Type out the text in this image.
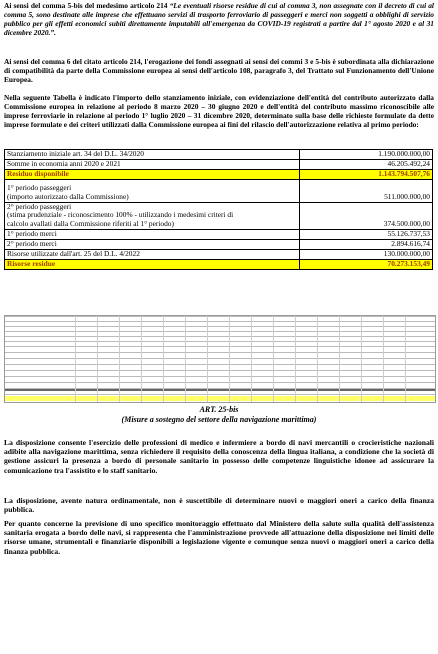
Ai sensi del comma 5-bis del medesimo articolo 214 “Le eventuali risorse residue di cui al comma 3, non assegnate con il decreto di cui al comma 5, sono destinate alle imprese che effettuano servizi di trasporto ferroviario di passeggeri e merci non soggetti a obblighi di servizio pubblico per gli effetti economici subiti direttamente imputabili all'emergenza da COVID-19 registrati a partire dal 1° agosto 2020 e al 31 dicembre 2020.”.
Ai sensi del comma 6 del citato articolo 214, l'erogazione dei fondi assegnati ai sensi dei commi 3 e 5-bis è subordinata alla dichiarazione di compatibilità da parte della Commissione europea ai sensi dell'articolo 108, paragrafo 3, del Trattato sul Funzionamento dell'Unione Europea.
Nella seguente Tabella è indicato l'importo dello stanziamento iniziale, con evidenziazione dell'entità del contributo autorizzato dalla Commissione europea in relazione al periodo 8 marzo 2020 – 30 giugno 2020 e dell'entità del contributo massimo riconoscibile alle imprese ferroviarie in relazione al periodo 1° luglio 2020 – 31 dicembre 2020, determinato sulla base delle richieste formulate da dette imprese formulate e dei criteri utilizzati dalla Commissione europea ai fini del rilascio dell'autorizzazione relativa al primo periodo:
Stanziamento iniziale art. 34 del D.L. 34/2020	1.190.000.000,00
Somme in economia anni 2020 e 2021	46.205.492,24
Residuo disponibile	1.143.794.507,76

1° periodo passeggeri
(importo autorizzato dalla Commissione)	511.000.000,00

2° periodo passeggeri
(stima prudenziale - riconoscimento 100% - utilizzando i medesimi criteri di
calcolo avallati dalla Commissione riferiti al 1° periodo)	374.500.000,00
1° periodo merci	55.126.737,53
2° periodo merci	2.894.616,74
Risorse utilizzate dall'art. 25 del D.L. 4/2022	130.000.000,00
Risorse residue	70.273.153,49
ART. 25-bis
(Misure a sostegno del settore della navigazione marittima)
La disposizione consente l'esercizio delle professioni di medico e infermiere a bordo di navi mercantili o crocieristiche nazionali adibite alla navigazione marittima, senza richiedere il requisito della conoscenza della lingua italiana, a condizione che la società di gestione assicuri la presenza a bordo di personale sanitario in possesso delle competenze linguistiche idonee ad assicurare la comunicazione tra l'assistito e lo staff sanitario.
La disposizione, avente natura ordinamentale, non è suscettibile di determinare nuovi o maggiori oneri a carico della finanza pubblica.
Per quanto concerne la previsione di uno specifico monitoraggio effettuato dal Ministero della salute sulla qualità dell'assistenza sanitaria erogata a bordo delle navi, si rappresenta che l'amministrazione provvede all'attuazione della disposizione nei limiti delle risorse umane, strumentali e finanziarie disponibili a legislazione vigente e comunque senza nuovi o maggiori oneri a carico della finanza pubblica.
